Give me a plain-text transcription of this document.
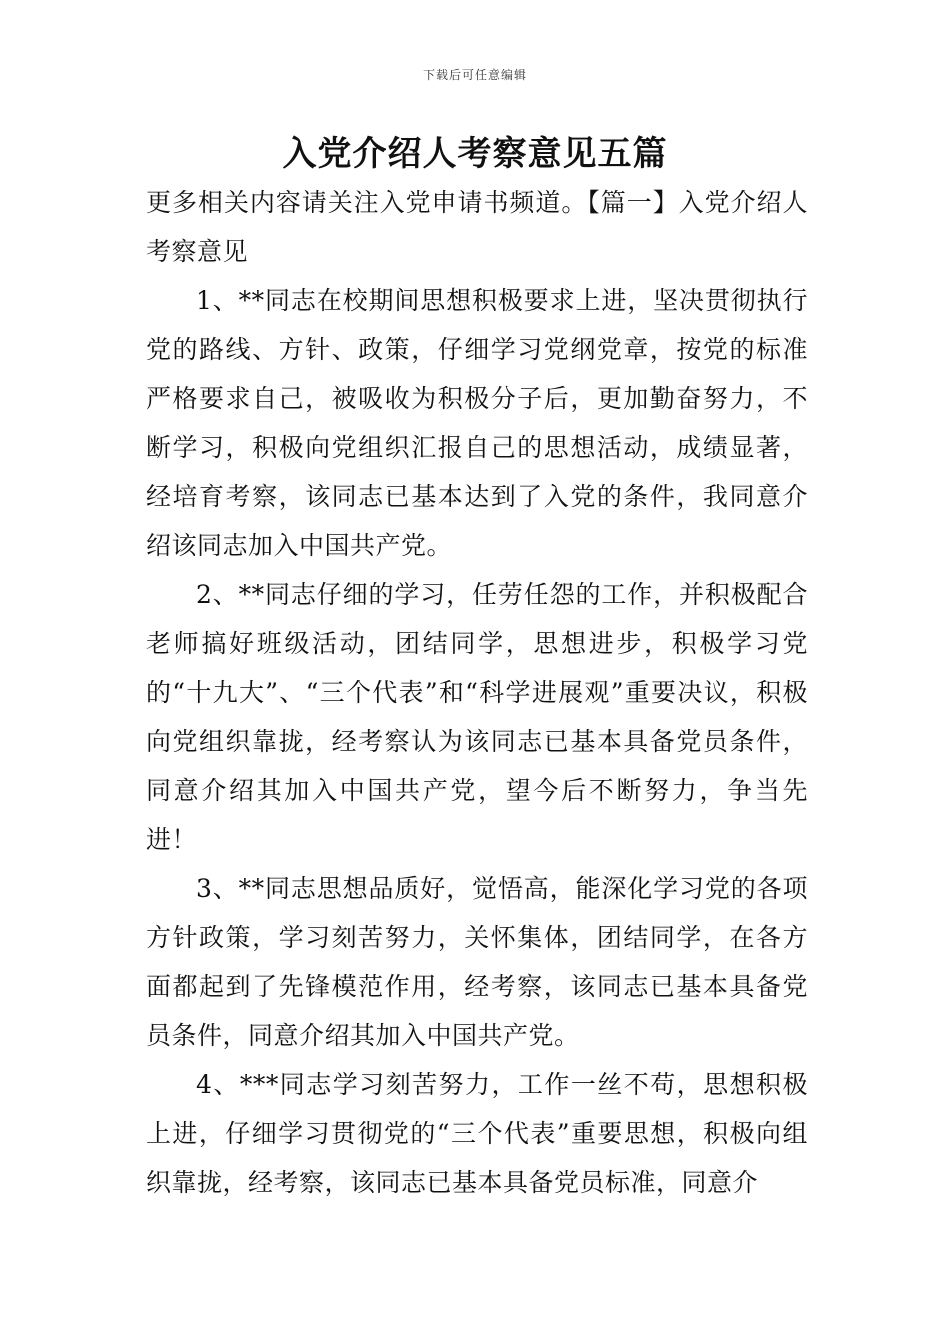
下载后可任意编辑
入党介绍人考察意见五篇

更多相关内容请关注入党申请书频道。【篇一】入党介绍人考察意见

1、**同志在校期间思想积极要求上进，坚决贯彻执行党的路线、方针、政策，仔细学习党纲党章，按党的标准严格要求自己，被吸收为积极分子后，更加勤奋努力，不断学习，积极向党组织汇报自己的思想活动，成绩显著，经培育考察，该同志已基本达到了入党的条件，我同意介绍该同志加入中国共产党。

2、**同志仔细的学习，任劳任怨的工作，并积极配合老师搞好班级活动，团结同学，思想进步，积极学习党的“十九大”、“三个代表”和“科学进展观”重要决议，积极向党组织靠拢，经考察认为该同志已基本具备党员条件，同意介绍其加入中国共产党，望今后不断努力，争当先进！

3、**同志思想品质好，觉悟高，能深化学习党的各项方针政策，学习刻苦努力，关怀集体，团结同学，在各方面都起到了先锋模范作用，经考察，该同志已基本具备党员条件，同意介绍其加入中国共产党。

4、***同志学习刻苦努力，工作一丝不苟，思想积极上进，仔细学习贯彻党的“三个代表”重要思想，积极向组织靠拢，经考察，该同志已基本具备党员标准，同意介
